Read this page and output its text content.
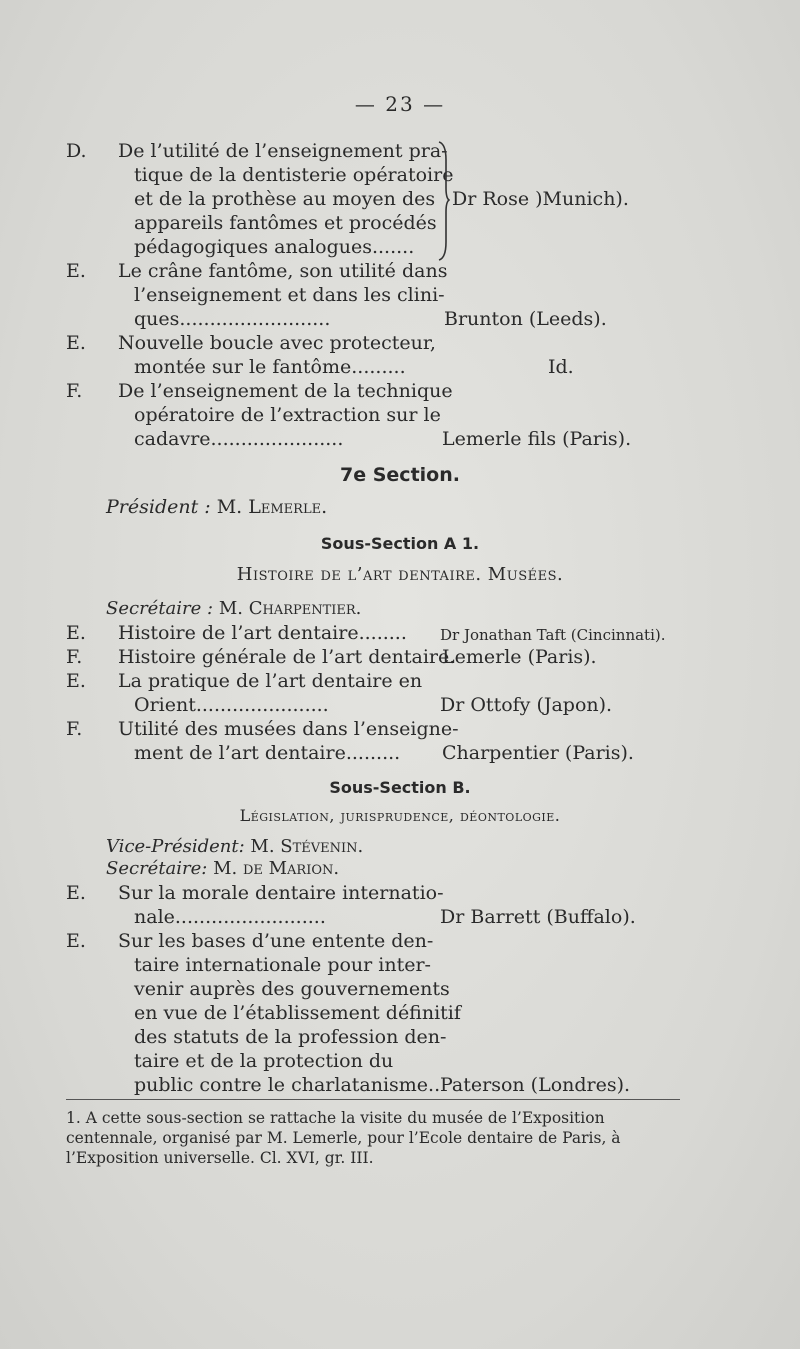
— 23 —
D.	De l’utilité de l’enseignement pra-
tique de la dentisterie opératoire
et de la prothèse au moyen des
appareils fantômes et procédés
pédagogiques analogues.......
Dr Rose )Munich).
E. Le crâne fantôme, son utilité dans
l’enseignement et dans les clini-
ques.........................	Brunton (Leeds).
E. Nouvelle boucle avec protecteur,
montée sur le fantôme.........	Id.
F. De l’enseignement de la technique
opératoire de l’extraction sur le
cadavre......................	Lemerle fils (Paris).
7e Section.
Président : M. Lemerle.
Sous-Section A 1.
Histoire de l’art dentaire. Musées.
Secrétaire : M. Charpentier.
E. Histoire de l’art dentaire........ Dr Jonathan Taft (Cincinnati).
F. Histoire générale de l’art dentaire.
Lemerle (Paris).
E. La pratique de l’art dentaire en
Orient......................	Dr Ottofy (Japon).
F. Utilité des musées dans l’enseigne-
ment de l’art dentaire......... Charpentier (Paris).
Sous-Section B.
Législation, jurisprudence, déontologie.
Vice-Président: M. Stévenin.
Secrétaire: M. de Marion.
E. Sur la morale dentaire internatio-
nale.........................	Dr Barrett (Buffalo).
E. Sur les bases d’une entente den-
taire internationale pour inter-
venir auprès des gouvernements
en vue de l’établissement définitif
des statuts de la profession den-
taire et de la protection du
public contre le charlatanisme.. Paterson (Londres).
1. A cette sous-section se rattache la visite du musée de l’Exposition centennale, organisé par M. Lemerle, pour l’Ecole dentaire de Paris, à l’Exposition universelle. Cl. XVI, gr. III.
